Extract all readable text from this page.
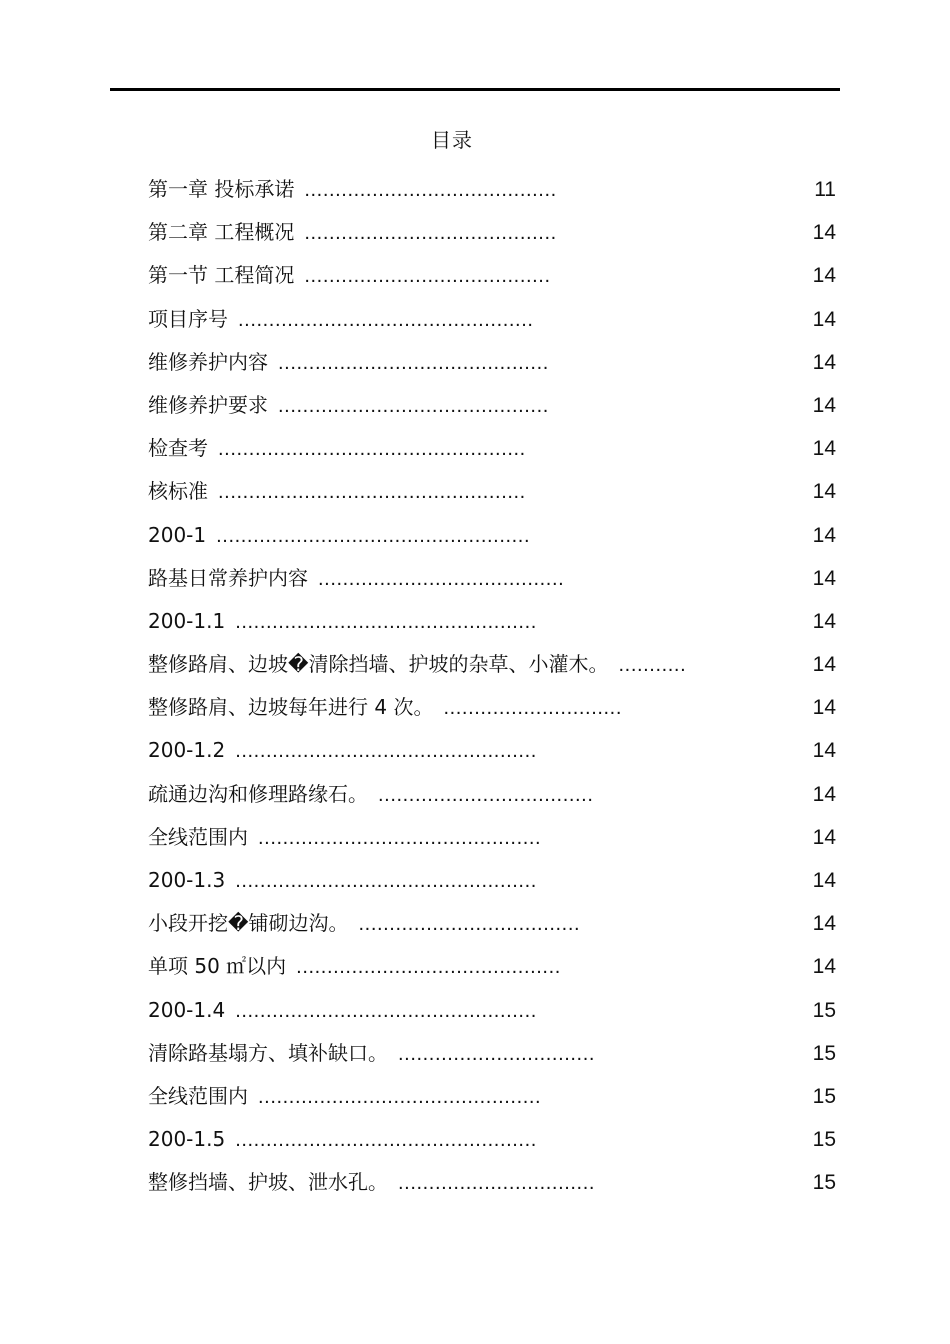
目录
第一章 投标承诺 .........................................	11
第二章 工程概况 .........................................	14
第一节 工程简况 ........................................	14
项目序号 ................................................	14
维修养护内容 ............................................	14
维修养护要求 ............................................	14
检查考 ..................................................	14
核标准 ..................................................	14
200-1 ...................................................	14
路基日常养护内容 ........................................	14
200-1.1 .................................................	14
整修路肩、边坡�清除挡墙、护坡的杂草、小灌木。 ...........	14
整修路肩、边坡每年进行 4 次。 .............................	14
200-1.2 .................................................	14
疏通边沟和修理路缘石。 ...................................	14
全线范围内 ..............................................	14
200-1.3 .................................................	14
小段开挖�铺砌边沟。 ....................................	14
单项 50 ㎡以内 ...........................................	14
200-1.4 .................................................	15
清除路基塌方、填补缺口。 ................................	15
全线范围内 ..............................................	15
200-1.5 .................................................	15
整修挡墙、护坡、泄水孔。 ................................	15
